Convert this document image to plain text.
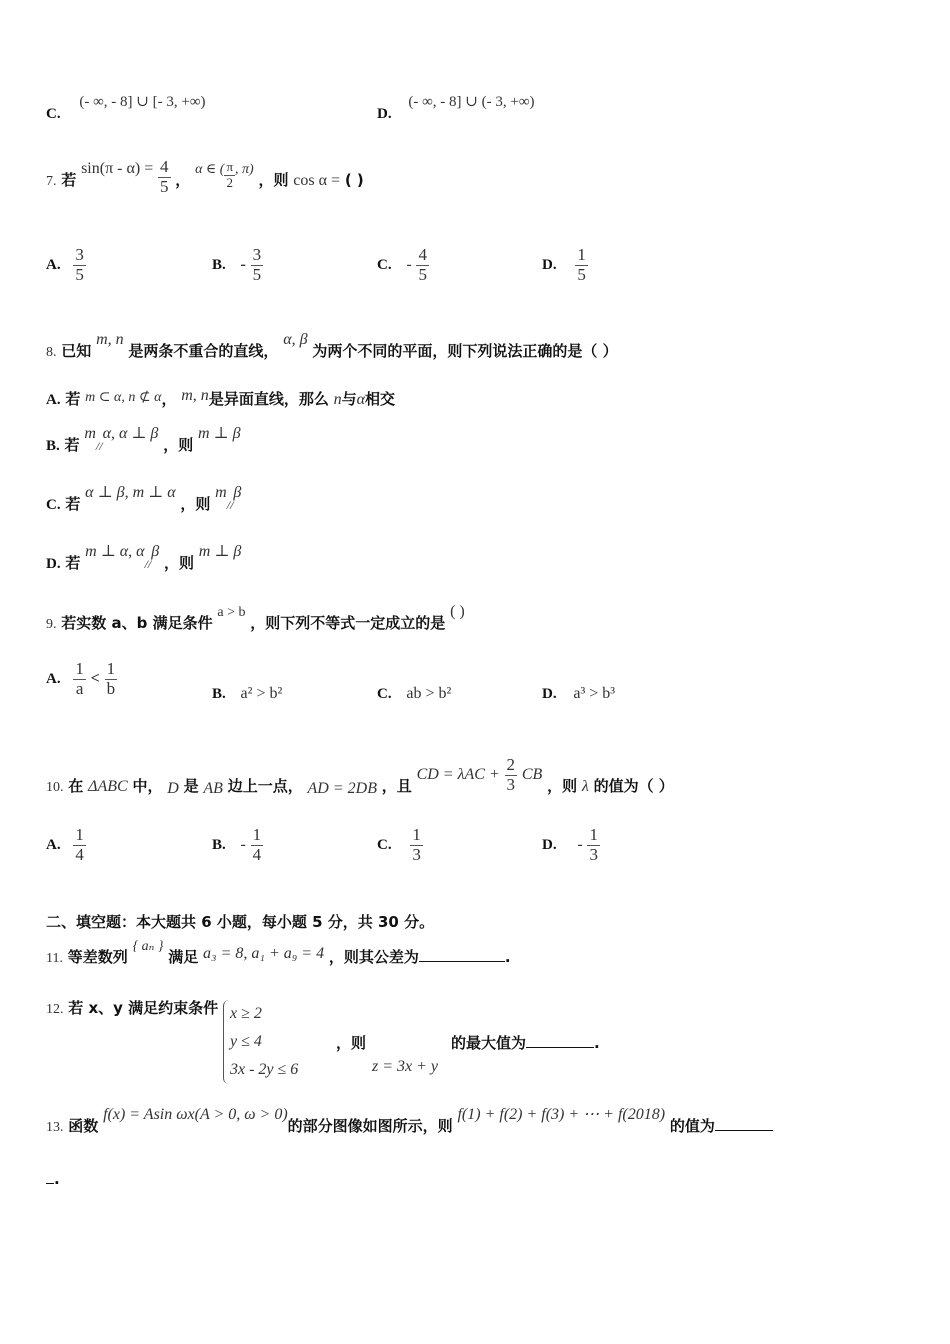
C. (- ∞, - 8] ∪ [- 3, +∞)
D. (- ∞, - 8] ∪ (- 3, +∞)
7. 若 $\sin(\pi - \alpha) = \frac{4}{5}$ ， α ∈ ( $\frac{\pi}{2}$ , π) ，则 cos α = ( )
A. $\frac{3}{5}$	B. - $\frac{3}{5}$	C. - $\frac{4}{5}$	D. $\frac{1}{5}$
8. 已知 m, n 是两条不重合的直线， α, β 为两个不同的平面，则下列说法正确的是（ ）
A. 若 m ⊂ α, n ⊄ α， m, n是异面直线，那么 n与α相交
B. 若 m//α, α ⊥ β ，则 m ⊥ β
C. 若 α ⊥ β, m ⊥ α ，则 m//β
D. 若 m ⊥ α, α//β ，则 m ⊥ β
9. 若实数 a、b 满足条件 a > b ，则下列不等式一定成立的是 ( )
A. $\frac{1}{a} < \frac{1}{b}$	B. a² > b²	C. ab > b²	D. a³ > b³
10. 在 ΔABC 中， D 是 AB 边上一点， AD = 2DB ，且 CD = $\lambda AC + \frac{2}{3}$ CB ，则 λ 的值为（ ）
A. $\frac{1}{4}$	B. - $\frac{1}{4}$	C. $\frac{1}{3}$	D. - $\frac{1}{3}$
二、填空题：本大题共 6 小题，每小题 5 分，共 30 分。
11. 等差数列 { aₙ } 满足 a₃ = 8, a₁ + a₉ = 4 ，则其公差为	.
12. 若 x、y 满足约束条件 x ≥ 2
y ≤ 4
3x - 2y ≤ 6
，则
z = 3x + y
的最大值为	.
13. 函数 f(x) = Asin ωx(A > 0, ω > 0)的部分图像如图所示，则 f(1) + f(2) + f(3) + ⋯ + f(2018) 的值为
.
